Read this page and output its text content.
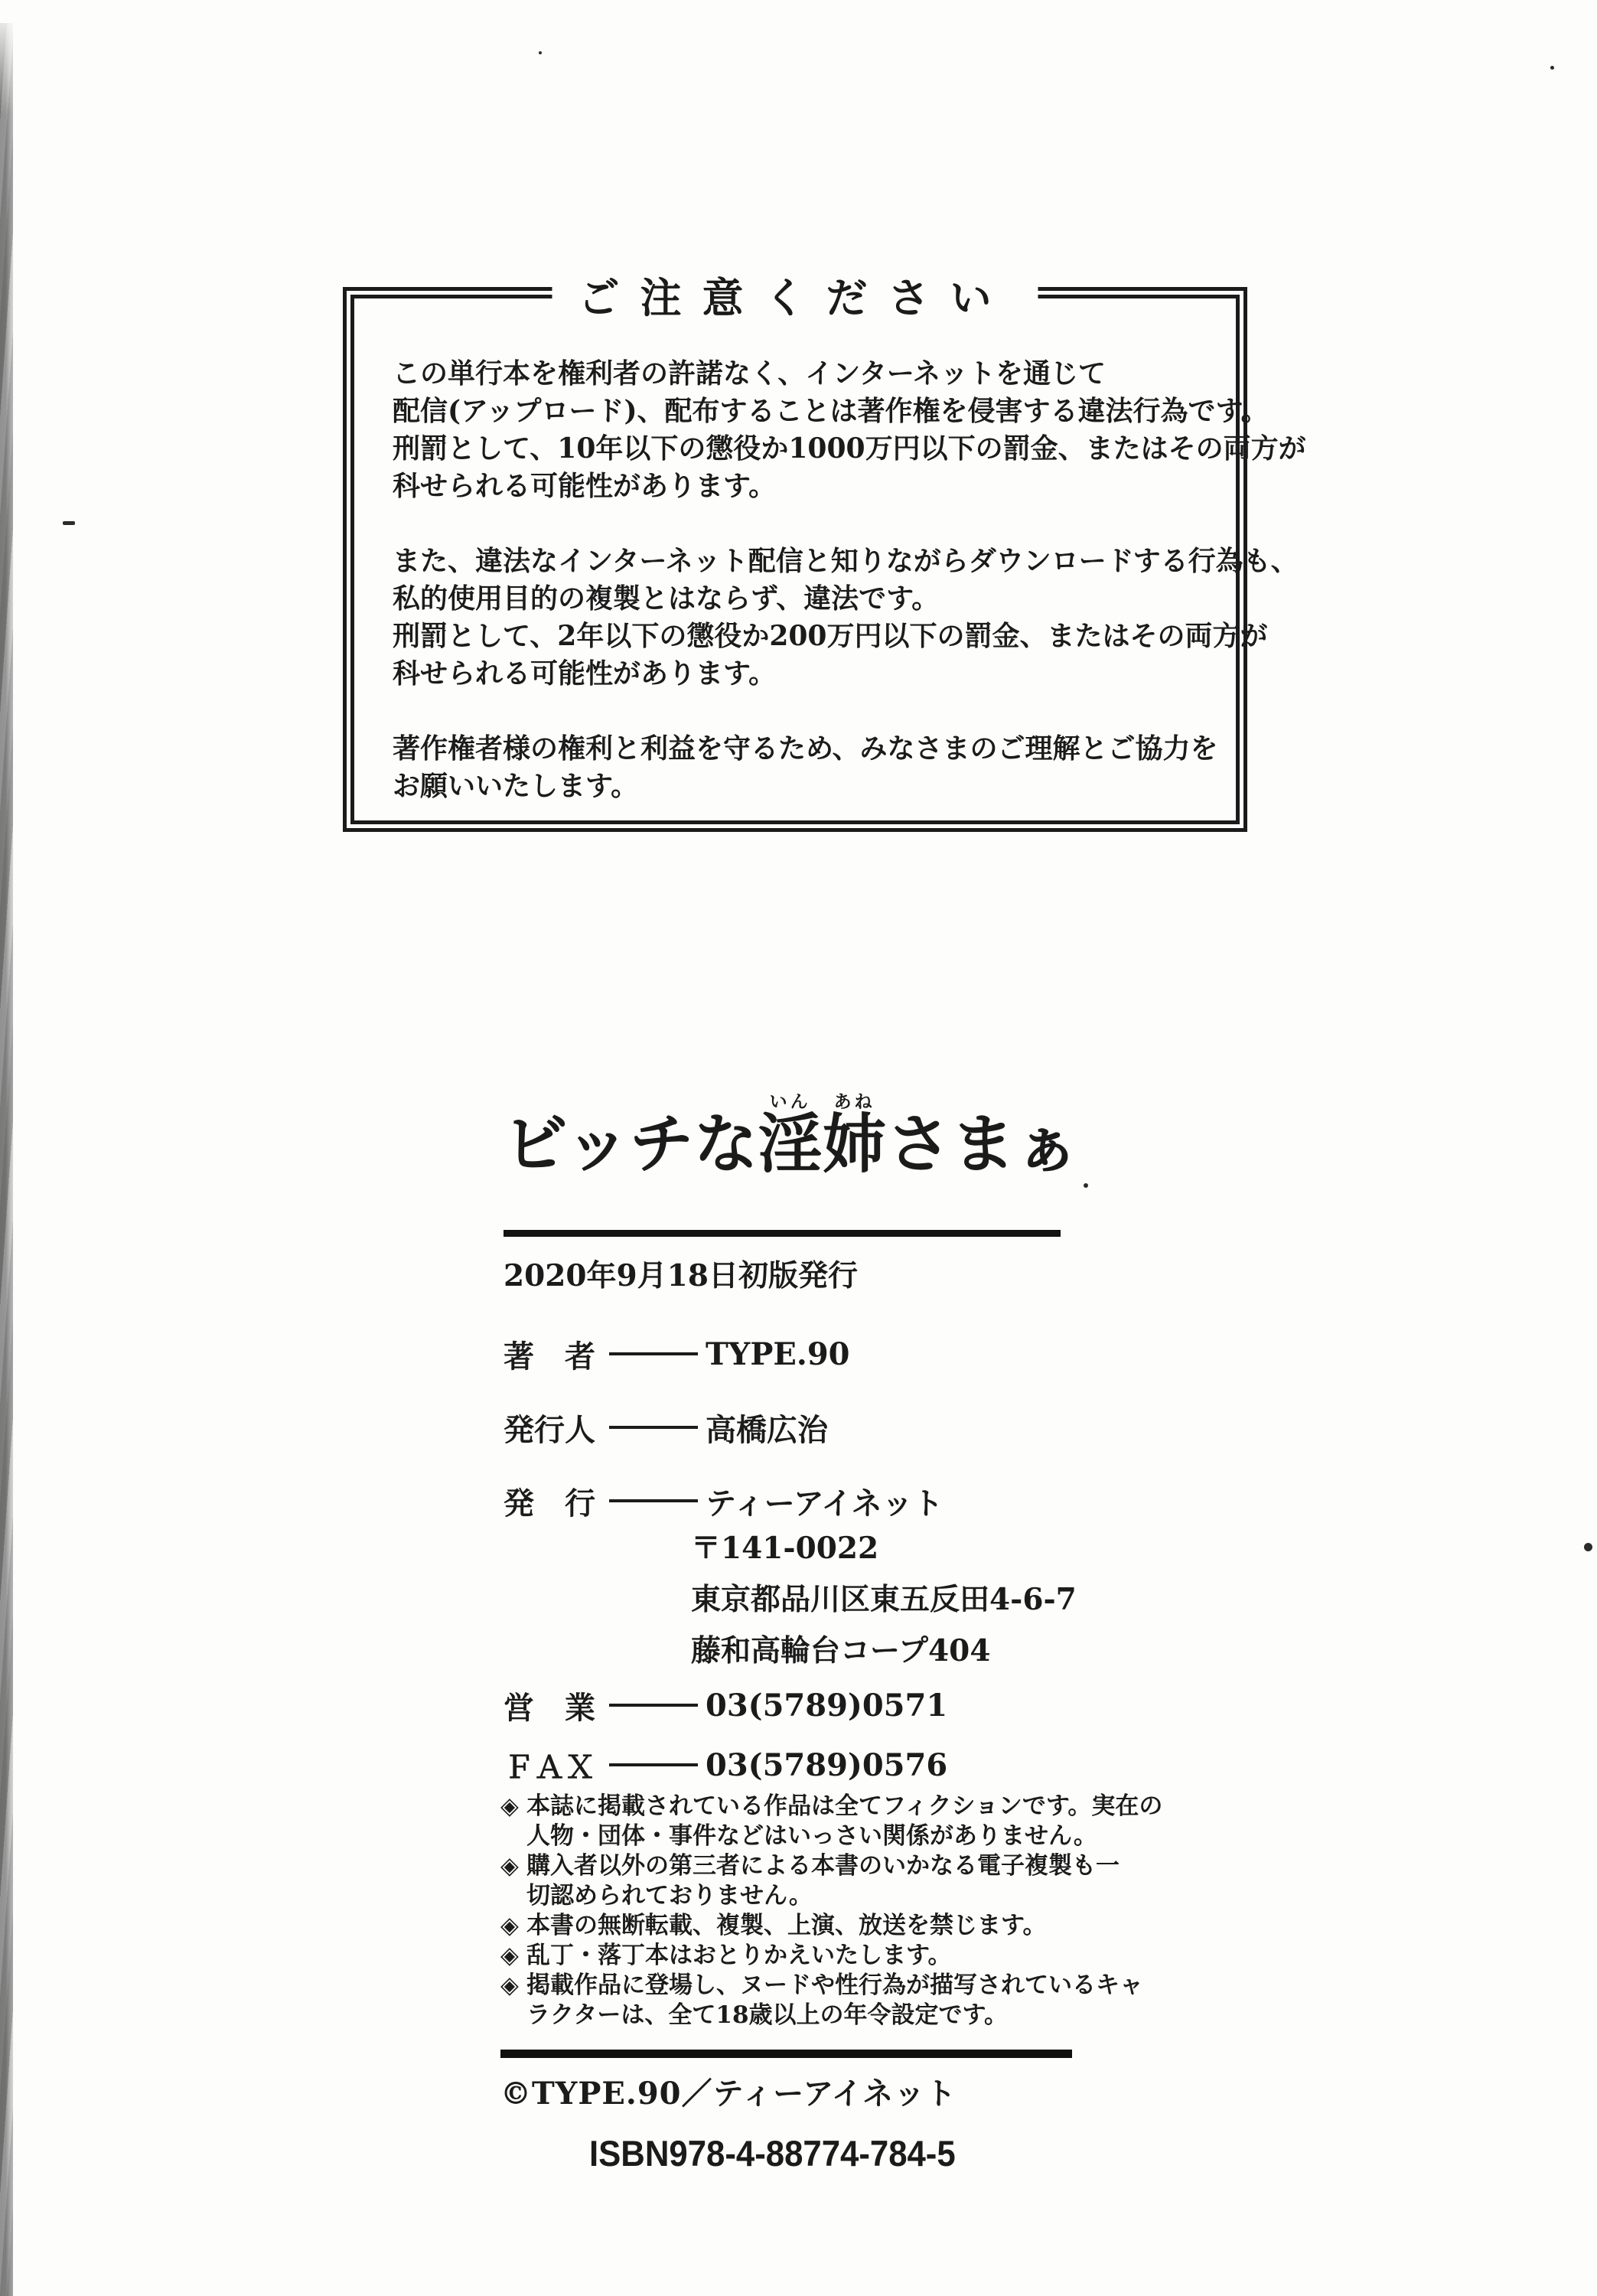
ご注意ください
この単行本を権利者の許諾なく、インターネットを通じて
配信(アップロード)、配布することは著作権を侵害する違法行為です。
刑罰として、10年以下の懲役か1000万円以下の罰金、またはその両方が
科せられる可能性があります。
また、違法なインターネット配信と知りながらダウンロードする行為も、
私的使用目的の複製とはならず、違法です。
刑罰として、2年以下の懲役か200万円以下の罰金、またはその両方が
科せられる可能性があります。
著作権者様の権利と利益を守るため、みなさまのご理解とご協力を
お願いいたします。
ビッチな淫いん姉あねさまぁ
2020年9月18日初版発行
著　者	TYPE.90
発行人	高橋広治
発　行	ティーアイネット
〒141-0022
東京都品川区東五反田4-6-7
藤和高輪台コープ404
営　業	03(5789)0571
ＦＡＸ	03(5789)0576
◈ 本誌に掲載されている作品は全てフィクションです。実在の
人物・団体・事件などはいっさい関係がありません。
◈ 購入者以外の第三者による本書のいかなる電子複製も一
切認められておりません。
◈ 本書の無断転載、複製、上演、放送を禁じます。
◈ 乱丁・落丁本はおとりかえいたします。
◈ 掲載作品に登場し、ヌードや性行為が描写されているキャ
ラクターは、全て18歳以上の年令設定です。
©TYPE.90／ティーアイネット
ISBN978-4-88774-784-5
